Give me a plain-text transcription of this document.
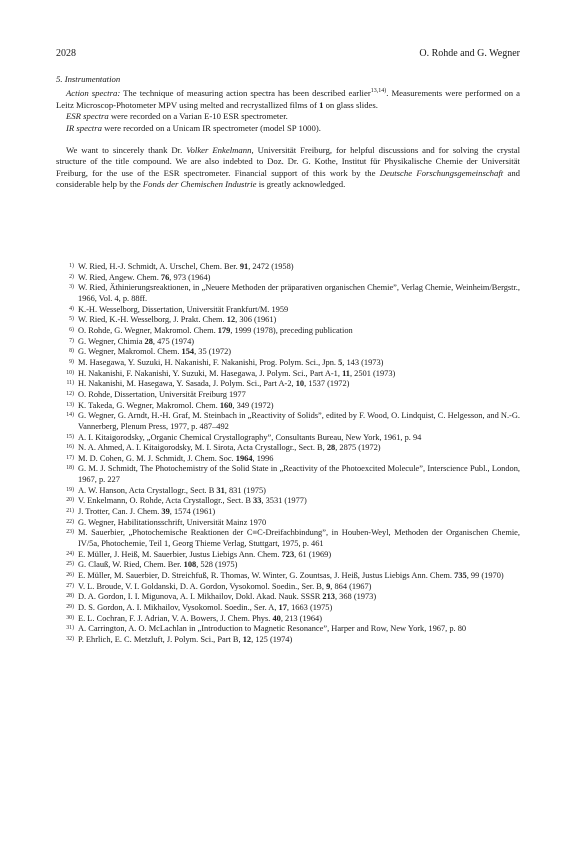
2028	O. Rohde and G. Wegner

5. Instrumentation

Action spectra: The technique of measuring action spectra has been described earlier$^{13,14)}$. Measurements were performed on a Leitz Microscop-Photometer MPV using melted and recrystallized films of 1 on glass slides.

ESR spectra were recorded on a Varian E-10 ESR spectrometer.

IR spectra were recorded on a Unicam IR spectrometer (model SP 1000).

We want to sincerely thank Dr. Volker Enkelmann, Universität Freiburg, for helpful discussions and for solving the crystal structure of the title compound. We are also indebted to Doz. Dr. G. Kothe, Institut für Physikalische Chemie der Universität Freiburg, for the use of the ESR spectrometer. Financial support of this work by the Deutsche Forschungsgemeinschaft and considerable help by the Fonds der Chemischen Industrie is greatly acknowledged.

1) W. Ried, H.-J. Schmidt, A. Urschel, Chem. Ber. 91, 2472 (1958)
2) W. Ried, Angew. Chem. 76, 973 (1964)
3) W. Ried, Äthinierungsreaktionen, in „Neuere Methoden der präparativen organischen Chemie”, Verlag Chemie, Weinheim/Bergstr., 1966, Vol. 4, p. 88ff.
4) K.-H. Wesselborg, Dissertation, Universität Frankfurt/M. 1959
5) W. Ried, K.-H. Wesselborg, J. Prakt. Chem. 12, 306 (1961)
6) O. Rohde, G. Wegner, Makromol. Chem. 179, 1999 (1978), preceding publication
7) G. Wegner, Chimia 28, 475 (1974)
8) G. Wegner, Makromol. Chem. 154, 35 (1972)
9) M. Hasegawa, Y. Suzuki, H. Nakanishi, F. Nakanishi, Prog. Polym. Sci., Jpn. 5, 143 (1973)
10) H. Nakanishi, F. Nakanishi, Y. Suzuki, M. Hasegawa, J. Polym. Sci., Part A-1, 11, 2501 (1973)
11) H. Nakanishi, M. Hasegawa, Y. Sasada, J. Polym. Sci., Part A-2, 10, 1537 (1972)
12) O. Rohde, Dissertation, Universität Freiburg 1977
13) K. Takeda, G. Wegner, Makromol. Chem. 160, 349 (1972)
14) G. Wegner, G. Arndt, H.-H. Graf, M. Steinbach in „Reactivity of Solids”, edited by F. Wood, O. Lindquist, C. Helgesson, and N.-G. Vannerberg, Plenum Press, 1977, p. 487–492
15) A. I. Kitaigorodsky, „Organic Chemical Crystallography”, Consultants Bureau, New York, 1961, p. 94
16) N. A. Ahmed, A. I. Kitaigorodsky, M. I. Sirota, Acta Crystallogr., Sect. B, 28, 2875 (1972)
17) M. D. Cohen, G. M. J. Schmidt, J. Chem. Soc. 1964, 1996
18) G. M. J. Schmidt, The Photochemistry of the Solid State in „Reactivity of the Photoexcited Molecule”, Interscience Publ., London, 1967, p. 227
19) A. W. Hanson, Acta Crystallogr., Sect. B 31, 831 (1975)
20) V. Enkelmann, O. Rohde, Acta Crystallogr., Sect. B 33, 3531 (1977)
21) J. Trotter, Can. J. Chem. 39, 1574 (1961)
22) G. Wegner, Habilitationsschrift, Universität Mainz 1970
23) M. Sauerbier, „Photochemische Reaktionen der C≡C-Dreifachbindung”, in Houben-Weyl, Methoden der Organischen Chemie, IV/5a, Photochemie, Teil 1, Georg Thieme Verlag, Stuttgart, 1975, p. 461
24) E. Müller, J. Heiß, M. Sauerbier, Justus Liebigs Ann. Chem. 723, 61 (1969)
25) G. Clauß, W. Ried, Chem. Ber. 108, 528 (1975)
26) E. Müller, M. Sauerbier, D. Streichfuß, R. Thomas, W. Winter, G. Zountsas, J. Heiß, Justus Liebigs Ann. Chem. 735, 99 (1970)
27) V. L. Broude, V. I. Goldanski, D. A. Gordon, Vysokomol. Soedin., Ser. B, 9, 864 (1967)
28) D. A. Gordon, I. I. Migunova, A. I. Mikhailov, Dokl. Akad. Nauk. SSSR 213, 368 (1973)
29) D. S. Gordon, A. I. Mikhailov, Vysokomol. Soedin., Ser. A, 17, 1663 (1975)
30) E. L. Cochran, F. J. Adrian, V. A. Bowers, J. Chem. Phys. 40, 213 (1964)
31) A. Carrington, A. O. McLachlan in „Introduction to Magnetic Resonance”, Harper and Row, New York, 1967, p. 80
32) P. Ehrlich, E. C. Metzluft, J. Polym. Sci., Part B, 12, 125 (1974)
